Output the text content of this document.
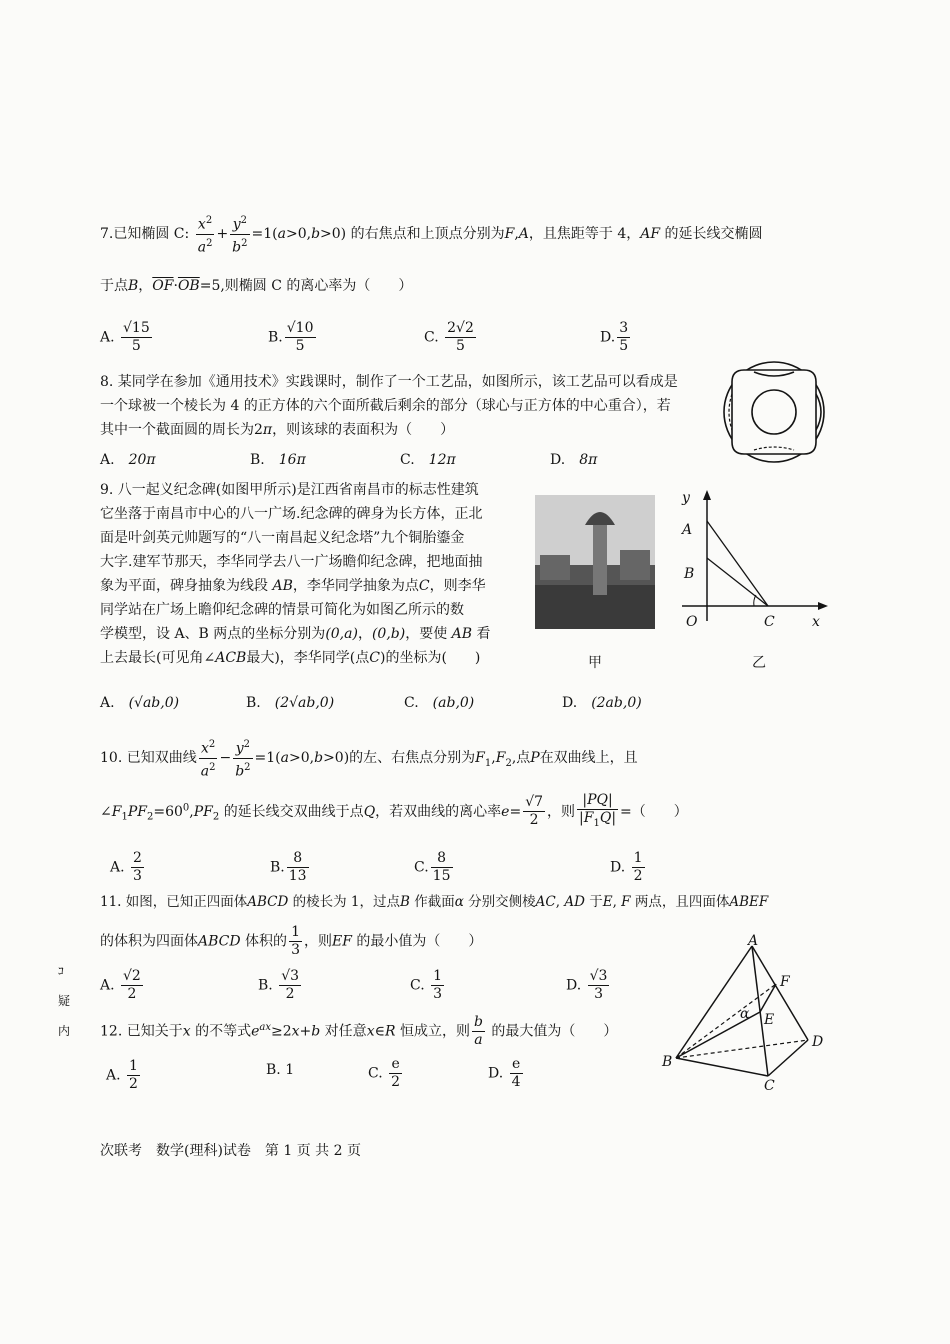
7.已知椭圆 C: $\frac{x^2}{a^2} + \frac{y^2}{b^2} =1(a>0,b>0)$ 的右焦点和上顶点分别为F,A，且焦距等于 4，AF 的延长线交椭圆
于点B，$\overline{OF}\cdot\overline{OB}=5$,则椭圆 C 的离心率为（　　）
A. $\frac{√15}{5}$	B. $\frac{√10}{5}$	C. $\frac{2√2}{5}$	D. $\frac{3}{5}$
8. 某同学在参加《通用技术》实践课时，制作了一个工艺品，如图所示，该工艺品可以看成是
一个球被一个棱长为 4 的正方体的六个面所截后剩余的部分（球心与正方体的中心重合），若
其中一个截面圆的周长为2π，则该球的表面积为（　　）
A.　 20π	B.　 16π	C.　 12π	D.　 8π
9. 八一起义纪念碑(如图甲所示)是江西省南昌市的标志性建筑
它坐落于南昌市中心的八一广场.纪念碑的碑身为长方体，正北
面是叶剑英元帅题写的“八一南昌起义纪念塔”九个铜胎鎏金
大字.建军节那天，李华同学去八一广场瞻仰纪念碑，把地面抽
象为平面，碑身抽象为线段 AB，李华同学抽象为点C，则李华
同学站在广场上瞻仰纪念碑的情景可简化为如图乙所示的数
学模型，设 A、B 两点的坐标分别为(0,a)，(0,b)，要使 AB 看
上去最长(可见角∠ACB最大)，李华同学(点C)的坐标为(　　)	甲
y
A
B
O	C	x
乙
A.　 (√ab,0)	B.　 (2√ab,0)	C.　 (ab,0)	D.　 (2ab,0)
10. 已知双曲线 $\frac{x^2}{a^2} - \frac{y^2}{b^2} =1(a>0,b>0)$的左、右焦点分别为$F_1,F_2$,点P在双曲线上，且
$\angle F_1PF_2=60^0,PF_2$ 的延长线交双曲线于点Q，若双曲线的离心率$e= \frac{√7}{2}$ ，则 $\frac{|PQ|}{|F_1Q|}$ =（　　）
A. $\frac{2}{3}$	B. $\frac{8}{13}$	C. $\frac{8}{15}$	D. $\frac{1}{2}$
11. 如图，已知正四面体ABCD 的棱长为 1，过点B 作截面α 分别交侧棱AC, AD 于E, F 两点，且四面体ABEF
的体积为四面体ABCD 体积的 $\frac{1}{3}$ ，则EF 的最小值为（　　）
A. $\frac{√2}{2}$	B. $\frac{√3}{2}$	C. $\frac{1}{3}$	D. $\frac{√3}{3}$
A
B
C
D
E
F
α
12. 已知关于x 的不等式$e^{ax}\ge 2x+b$ 对任意x∈R 恒成立，则 $\frac{b}{a}$ 的最大值为（　　）
A. $\frac{1}{2}$	B. 1	C. $\frac{e}{2}$	D. $\frac{e}{4}$
ｺ
疑
内
次联考　数学(理科)试卷　第 1 页 共 2 页
